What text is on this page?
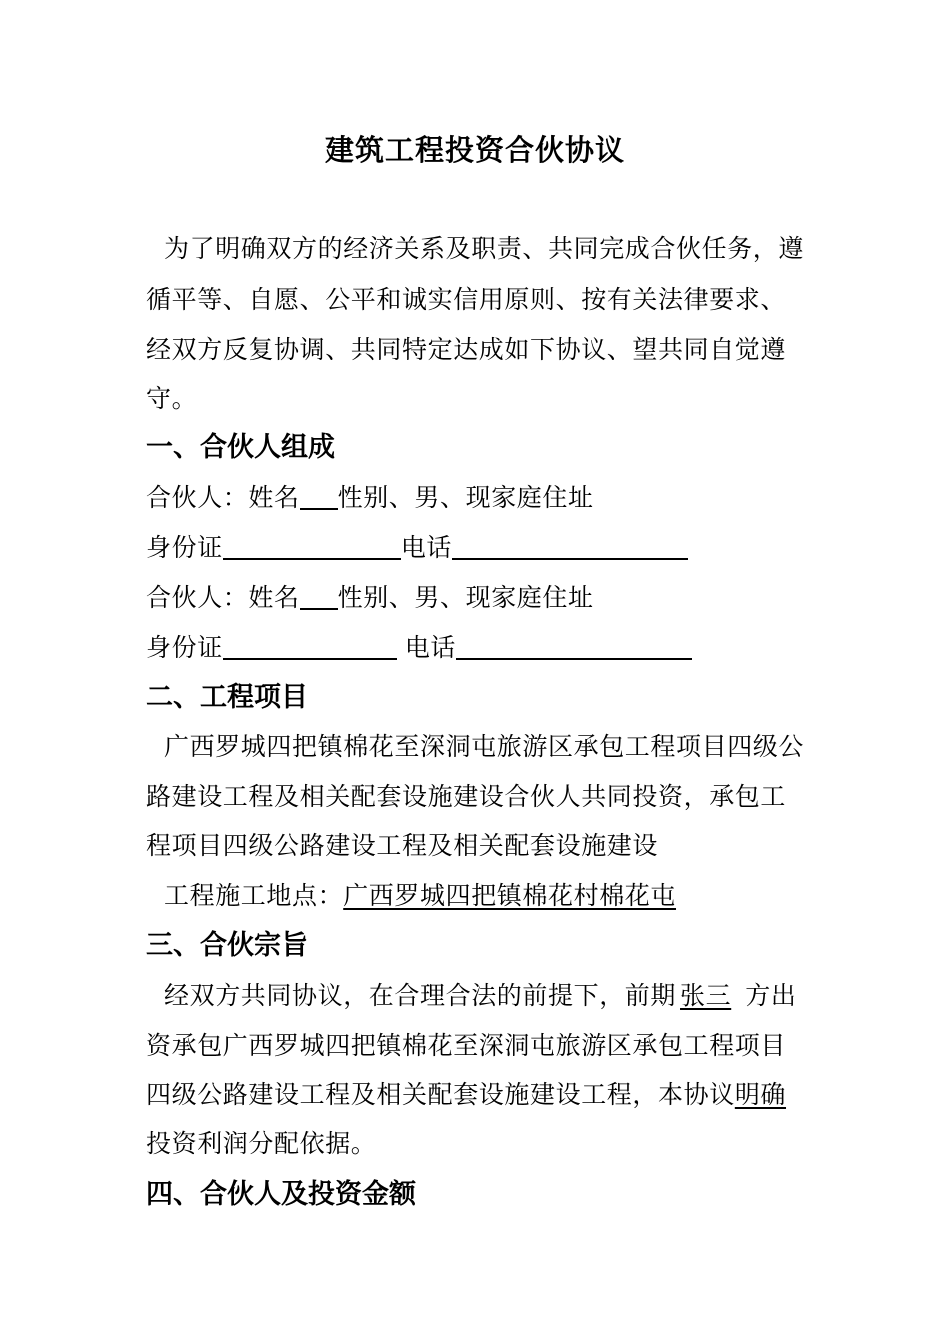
建筑工程投资合伙协议
为了明确双方的经济关系及职责、共同完成合伙任务，遵
循平等、自愿、公平和诚实信用原则、按有关法律要求、
经双方反复协调、共同特定达成如下协议、望共同自觉遵
守。
一、合伙人组成
合伙人：姓名 性别、男、现家庭住址
身份证	电话
合伙人：姓名 性别、男、现家庭住址
身份证	电话
二、工程项目
广西罗城四把镇棉花至深洞屯旅游区承包工程项目四级公
路建设工程及相关配套设施建设合伙人共同投资，承包工
程项目四级公路建设工程及相关配套设施建设
工程施工地点：广西罗城四把镇棉花村棉花屯
三、合伙宗旨
经双方共同协议，在合理合法的前提下，前期 张三 方出
资承包广西罗城四把镇棉花至深洞屯旅游区承包工程项目
四级公路建设工程及相关配套设施建设工程，本协议明确
投资利润分配依据。
四、合伙人及投资金额
